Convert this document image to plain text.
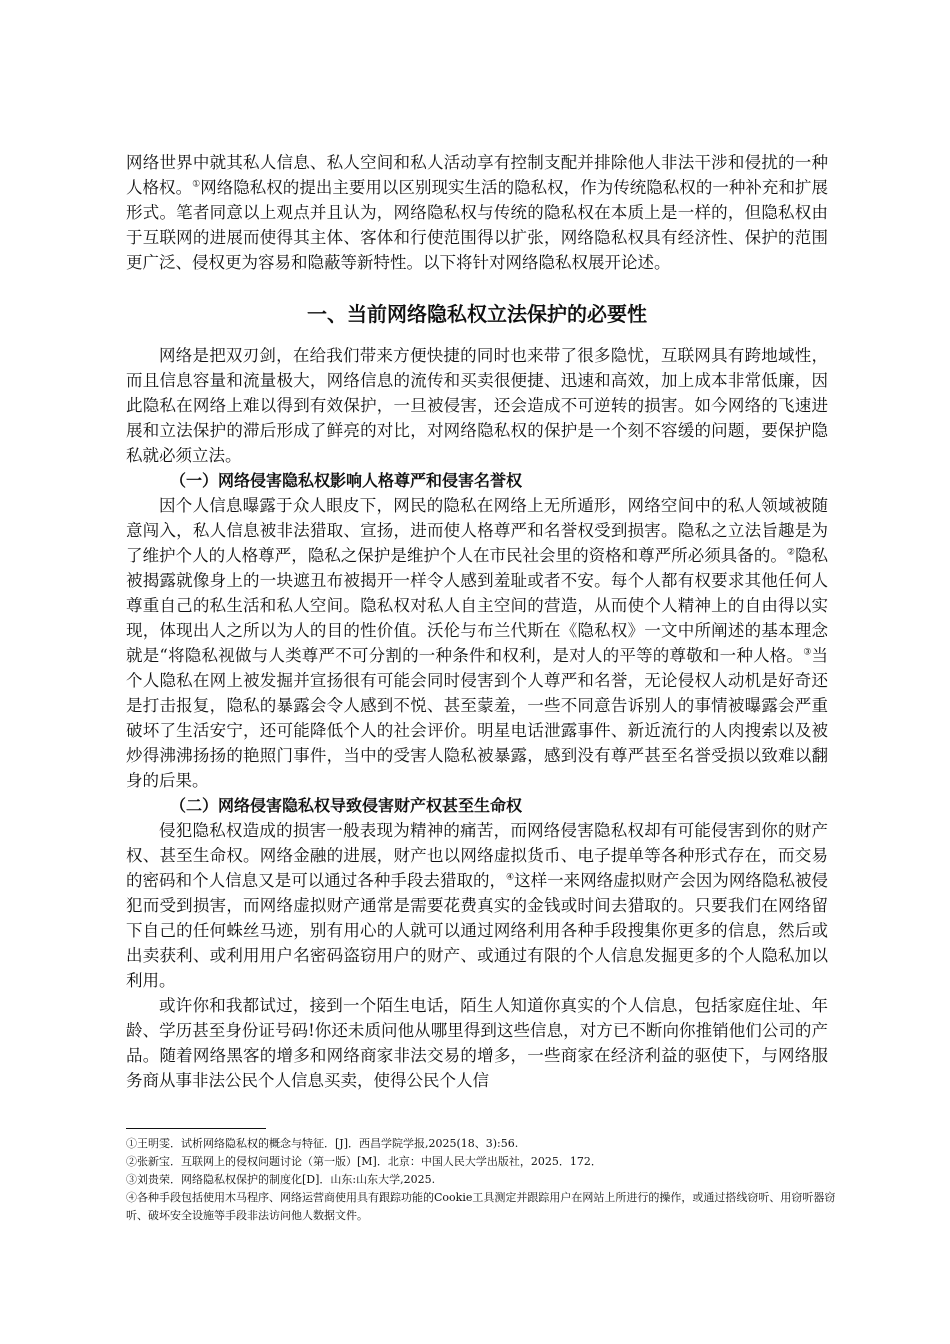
网络世界中就其私人信息、私人空间和私人活动享有控制支配并排除他人非法干涉和侵扰的一种人格权。①网络隐私权的提出主要用以区别现实生活的隐私权，作为传统隐私权的一种补充和扩展形式。笔者同意以上观点并且认为，网络隐私权与传统的隐私权在本质上是一样的，但隐私权由于互联网的进展而使得其主体、客体和行使范围得以扩张，网络隐私权具有经济性、保护的范围更广泛、侵权更为容易和隐蔽等新特性。以下将针对网络隐私权展开论述。

一、当前网络隐私权立法保护的必要性

网络是把双刃剑，在给我们带来方便快捷的同时也来带了很多隐忧，互联网具有跨地域性，而且信息容量和流量极大，网络信息的流传和买卖很便捷、迅速和高效，加上成本非常低廉，因此隐私在网络上难以得到有效保护，一旦被侵害，还会造成不可逆转的损害。如今网络的飞速进展和立法保护的滞后形成了鲜亮的对比，对网络隐私权的保护是一个刻不容缓的问题，要保护隐私就必须立法。

（一）网络侵害隐私权影响人格尊严和侵害名誉权

因个人信息曝露于众人眼皮下，网民的隐私在网络上无所遁形，网络空间中的私人领域被随意闯入，私人信息被非法猎取、宣扬，进而使人格尊严和名誉权受到损害。隐私之立法旨趣是为了维护个人的人格尊严，隐私之保护是维护个人在市民社会里的资格和尊严所必须具备的。②隐私被揭露就像身上的一块遮丑布被揭开一样令人感到羞耻或者不安。每个人都有权要求其他任何人尊重自己的私生活和私人空间。隐私权对私人自主空间的营造，从而使个人精神上的自由得以实现，体现出人之所以为人的目的性价值。沃伦与布兰代斯在《隐私权》一文中所阐述的基本理念就是“将隐私视做与人类尊严不可分割的一种条件和权利，是对人的平等的尊敬和一种人格。③当个人隐私在网上被发掘并宣扬很有可能会同时侵害到个人尊严和名誉，无论侵权人动机是好奇还是打击报复，隐私的暴露会令人感到不悦、甚至蒙羞，一些不同意告诉别人的事情被曝露会严重破坏了生活安宁，还可能降低个人的社会评价。明星电话泄露事件、新近流行的人肉搜索以及被炒得沸沸扬扬的艳照门事件，当中的受害人隐私被暴露，感到没有尊严甚至名誉受损以致难以翻身的后果。

（二）网络侵害隐私权导致侵害财产权甚至生命权

侵犯隐私权造成的损害一般表现为精神的痛苦，而网络侵害隐私权却有可能侵害到你的财产权、甚至生命权。网络金融的进展，财产也以网络虚拟货币、电子提单等各种形式存在，而交易的密码和个人信息又是可以通过各种手段去猎取的，④这样一来网络虚拟财产会因为网络隐私被侵犯而受到损害，而网络虚拟财产通常是需要花费真实的金钱或时间去猎取的。只要我们在网络留下自己的任何蛛丝马迹，别有用心的人就可以通过网络利用各种手段搜集你更多的信息，然后或出卖获利、或利用用户名密码盗窃用户的财产、或通过有限的个人信息发掘更多的个人隐私加以利用。

或许你和我都试过，接到一个陌生电话，陌生人知道你真实的个人信息，包括家庭住址、年龄、学历甚至身份证号码!你还未质问他从哪里得到这些信息，对方已不断向你推销他们公司的产品。随着网络黑客的增多和网络商家非法交易的增多，一些商家在经济利益的驱使下，与网络服务商从事非法公民个人信息买卖，使得公民个人信

①王明雯．试析网络隐私权的概念与特征．[J]．西昌学院学报,2025(18、3):56.

②张新宝．互联网上的侵权问题讨论（第一版）[M]．北京：中国人民大学出版社，2025．172．

③刘贵荣．网络隐私权保护的制度化[D]．山东:山东大学,2025.

④各种手段包括使用木马程序、网络运营商使用具有跟踪功能的Cookie工具测定并跟踪用户在网站上所进行的操作，或通过搭线窃听、用窃听器窃听、破坏安全设施等手段非法访问他人数据文件。
